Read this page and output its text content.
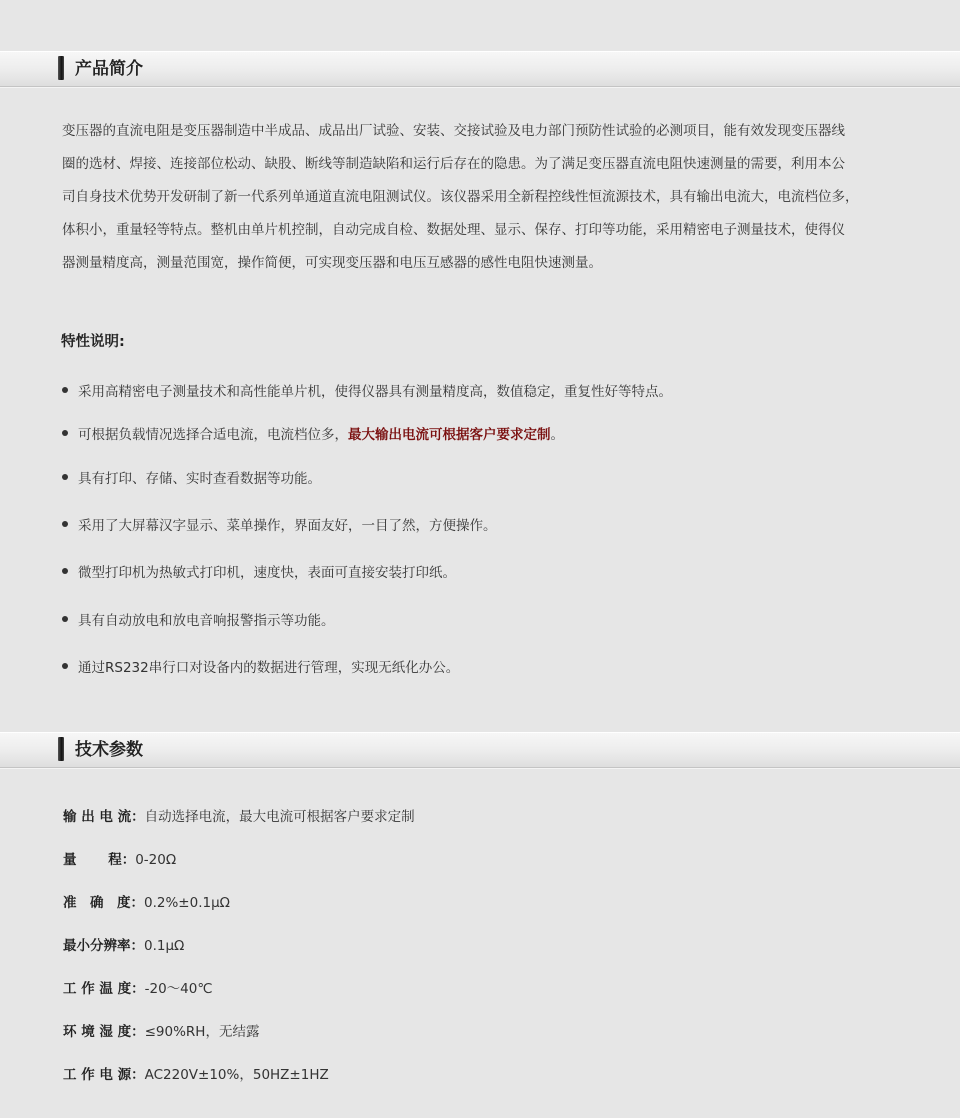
产品简介
变压器的直流电阻是变压器制造中半成品、成品出厂试验、安装、交接试验及电力部门预防性试验的必测项目，能有效发现变压器线
圈的选材、焊接、连接部位松动、缺股、断线等制造缺陷和运行后存在的隐患。为了满足变压器直流电阻快速测量的需要，利用本公
司自身技术优势开发研制了新一代系列单通道直流电阻测试仪。该仪器采用全新程控线性恒流源技术，具有输出电流大，电流档位多，
体积小，重量轻等特点。整机由单片机控制，自动完成自检、数据处理、显示、保存、打印等功能，采用精密电子测量技术，使得仪
器测量精度高，测量范围宽，操作简便，可实现变压器和电压互感器的感性电阻快速测量。
特性说明:
采用高精密电子测量技术和高性能单片机，使得仪器具有测量精度高，数值稳定，重复性好等特点。
可根据负载情况选择合适电流，电流档位多，最大输出电流可根据客户要求定制。
具有打印、存储、实时查看数据等功能。
采用了大屏幕汉字显示、菜单操作，界面友好，一目了然，方便操作。
微型打印机为热敏式打印机，速度快，表面可直接安装打印纸。
具有自动放电和放电音响报警指示等功能。
通过RS232串行口对设备内的数据进行管理，实现无纸化办公。
技术参数
输 出 电 流：自动选择电流，最大电流可根据客户要求定制
量　　 程：0-20Ω
准　确　度：0.2%±0.1μΩ
最小分辨率：0.1μΩ
工 作 温 度：-20～40℃
环 境 湿 度：≤90%RH，无结露
工 作 电 源：AC220V±10%，50HZ±1HZ
